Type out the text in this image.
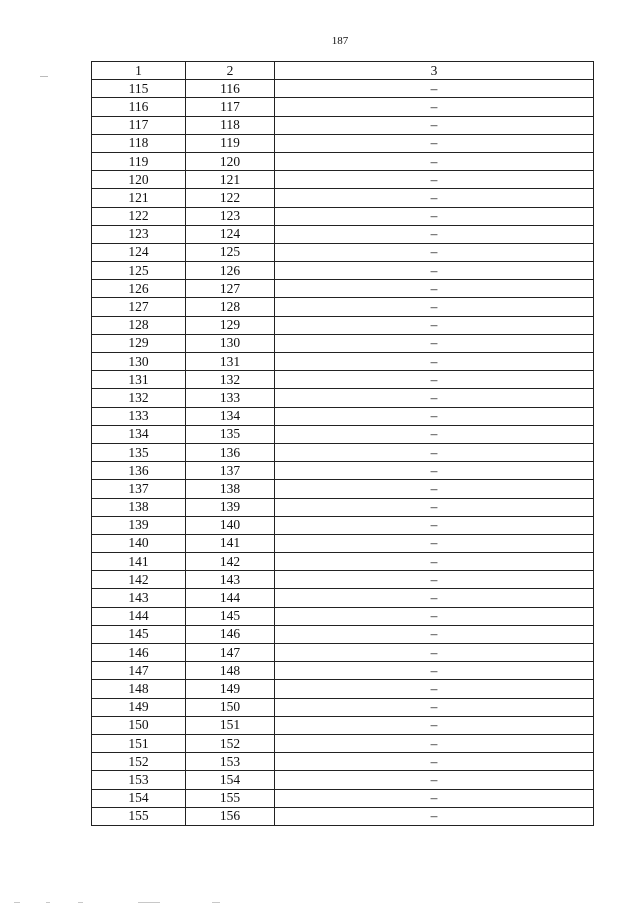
187
1	2	3
115	116	–
116	117	–
117	118	–
118	119	–
119	120	–
120	121	–
121	122	–
122	123	–
123	124	–
124	125	–
125	126	–
126	127	–
127	128	–
128	129	–
129	130	–
130	131	–
131	132	–
132	133	–
133	134	–
134	135	–
135	136	–
136	137	–
137	138	–
138	139	–
139	140	–
140	141	–
141	142	–
142	143	–
143	144	–
144	145	–
145	146	–
146	147	–
147	148	–
148	149	–
149	150	–
150	151	–
151	152	–
152	153	–
153	154	–
154	155	–
155	156	–
